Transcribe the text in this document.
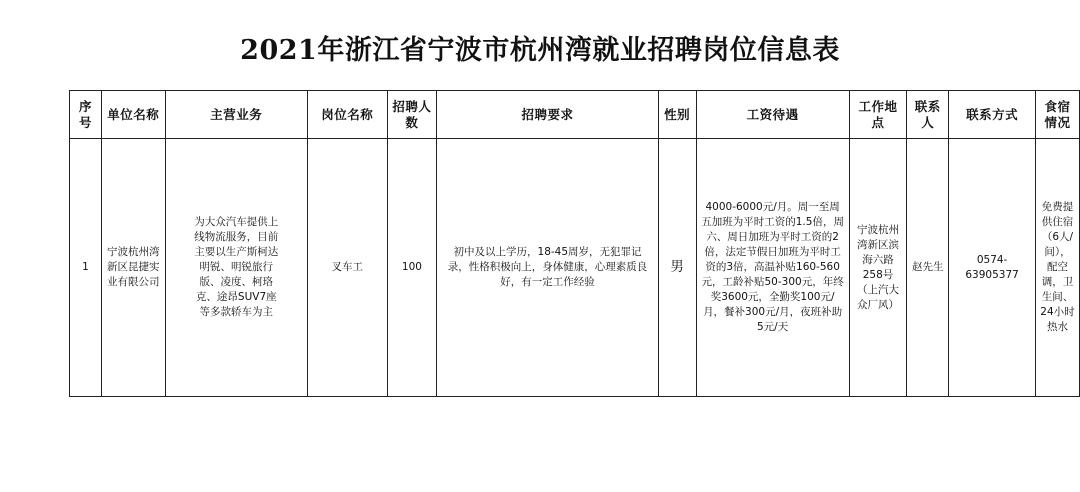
2021年浙江省宁波市杭州湾就业招聘岗位信息表
序号	单位名称	主营业务	岗位名称	招聘人数	招聘要求	性别	工资待遇	工作地点	联系人	联系方式	食宿情况

1	宁波杭州湾新区昆捷实业有限公司	为大众汽车提供上线物流服务，目前主要以生产斯柯达明锐、明锐旅行版、凌度、柯珞克、途昂SUV7座等多款轿车为主	叉车工	100	初中及以上学历，18-45周岁，无犯罪记录，性格积极向上，身体健康，心理素质良好，有一定工作经验	男	4000-6000元/月。周一至周五加班为平时工资的1.5倍，周六、周日加班为平时工资的2倍，法定节假日加班为平时工资的3倍，高温补贴160-560元，工龄补贴50-300元，年终奖3600元，全勤奖100元/月，餐补300元/月，夜班补助5元/天	宁波杭州湾新区滨海六路258号（上汽大众厂风）	赵先生	0574-63905377	免费提供住宿（6人/间），配空调，卫生间、24小时热水
